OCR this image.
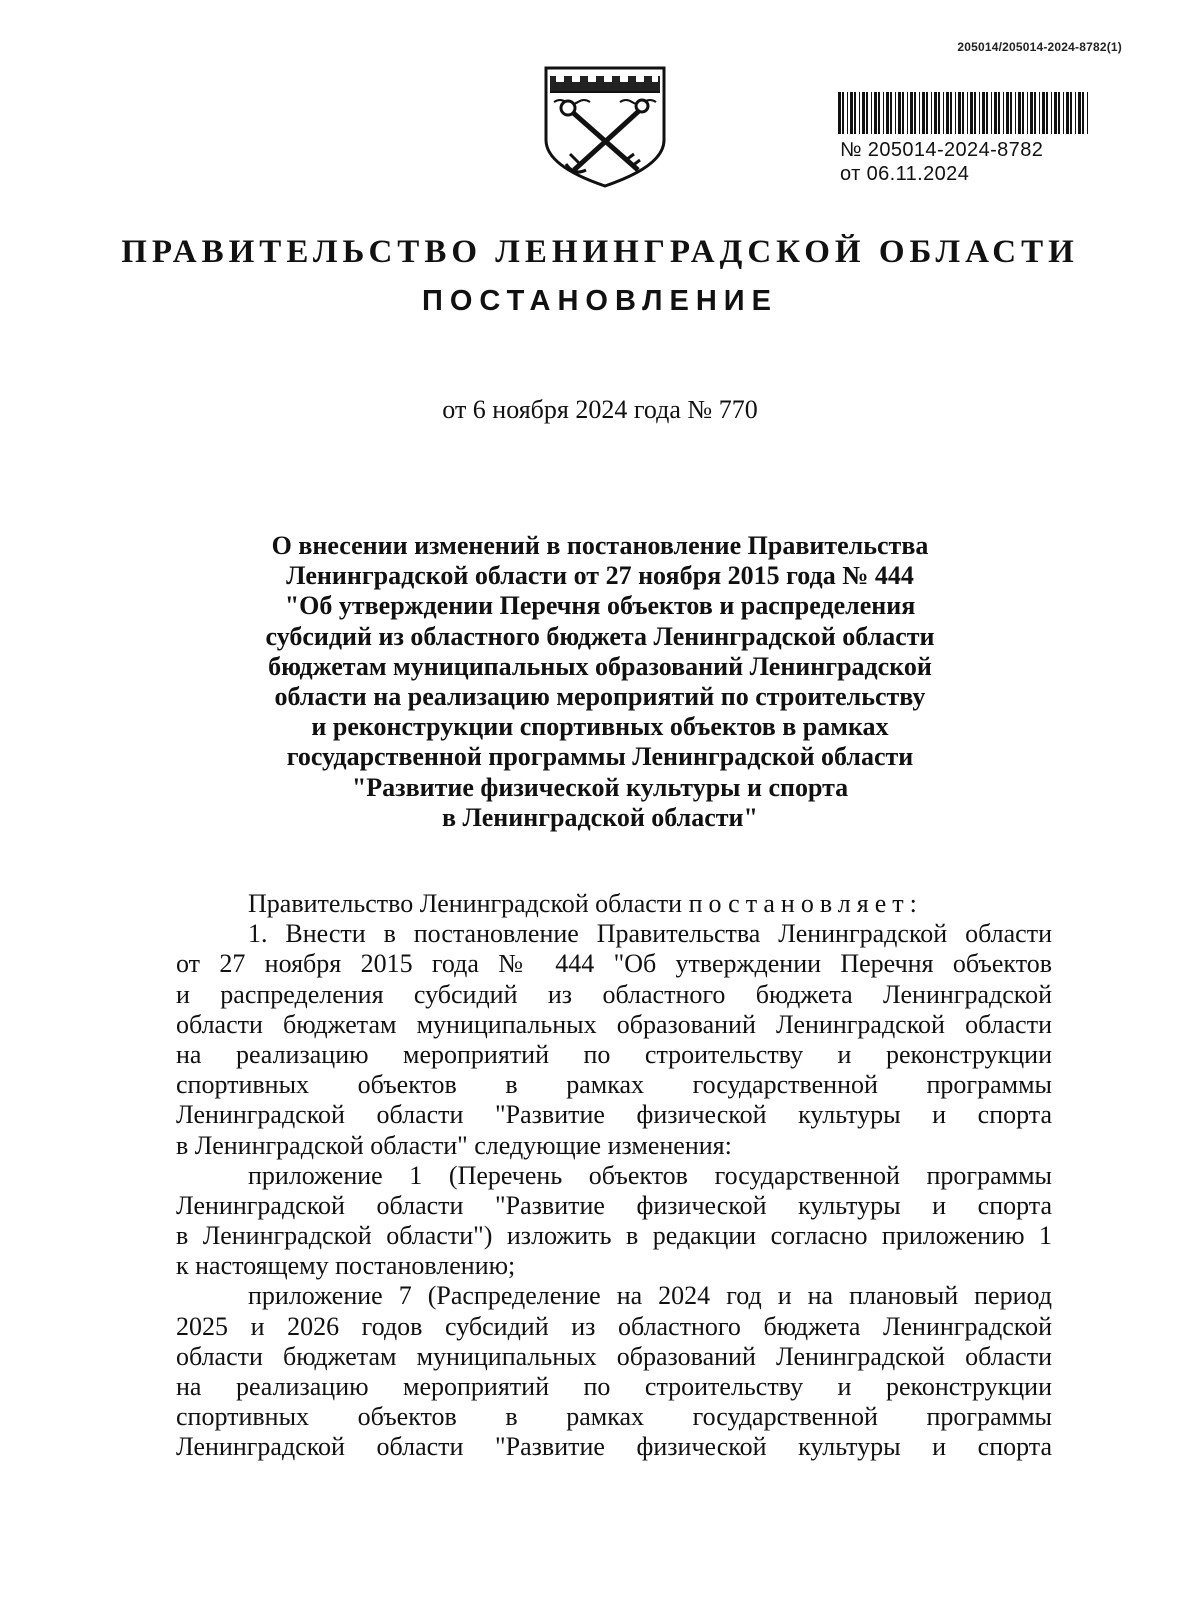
205014/205014-2024-8782(1)
№ 205014-2024-8782
от 06.11.2024
ПРАВИТЕЛЬСТВО ЛЕНИНГРАДСКОЙ ОБЛАСТИ
ПОСТАНОВЛЕНИЕ
от 6 ноября 2024 года № 770
О внесении изменений в постановление Правительства
Ленинградской области от 27 ноября 2015 года № 444
"Об утверждении Перечня объектов и распределения
субсидий из областного бюджета Ленинградской области
бюджетам муниципальных образований Ленинградской
области на реализацию мероприятий по строительству
и реконструкции спортивных объектов в рамках
государственной программы Ленинградской области
"Развитие физической культуры и спорта
в Ленинградской области"
Правительство Ленинградской области постановляет:
1. Внести в постановление Правительства Ленинградской области
от 27 ноября 2015 года № 444 "Об утверждении Перечня объектов
и распределения субсидий из областного бюджета Ленинградской
области бюджетам муниципальных образований Ленинградской области
на реализацию мероприятий по строительству и реконструкции
спортивных объектов в рамках государственной программы
Ленинградской области "Развитие физической культуры и спорта
в Ленинградской области" следующие изменения:
приложение 1 (Перечень объектов государственной программы
Ленинградской области "Развитие физической культуры и спорта
в Ленинградской области") изложить в редакции согласно приложению 1
к настоящему постановлению;
приложение 7 (Распределение на 2024 год и на плановый период
2025 и 2026 годов субсидий из областного бюджета Ленинградской
области бюджетам муниципальных образований Ленинградской области
на реализацию мероприятий по строительству и реконструкции
спортивных объектов в рамках государственной программы
Ленинградской области "Развитие физической культуры и спорта
